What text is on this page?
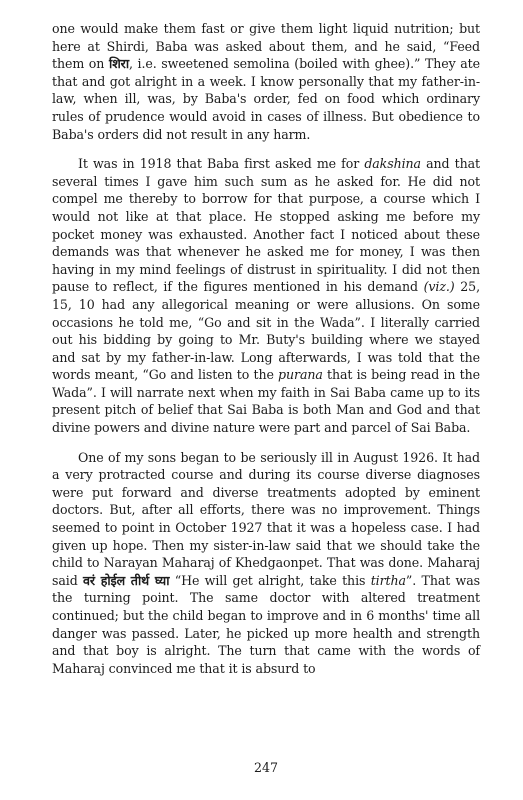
one would make them fast or give them light liquid nutrition; but here at Shirdi, Baba was asked about them, and he said, “Feed them on शिरा, i.e. sweetened semolina (boiled with ghee).” They ate that and got alright in a week. I know personally that my father-in-law, when ill, was, by Baba's order, fed on food which ordinary rules of prudence would avoid in cases of illness. But obedience to Baba's orders did not result in any harm.

It was in 1918 that Baba first asked me for dakshina and that several times I gave him such sum as he asked for. He did not compel me thereby to borrow for that purpose, a course which I would not like at that place. He stopped asking me before my pocket money was exhausted. Another fact I noticed about these demands was that whenever he asked me for money, I was then having in my mind feelings of distrust in spirituality. I did not then pause to reflect, if the figures mentioned in his demand (viz.) 25, 15, 10 had any allegorical meaning or were allusions. On some occasions he told me, “Go and sit in the Wada”. I literally carried out his bidding by going to Mr. Buty's building where we stayed and sat by my father-in-law. Long afterwards, I was told that the words meant, “Go and listen to the purana that is being read in the Wada”. I will narrate next when my faith in Sai Baba came up to its present pitch of belief that Sai Baba is both Man and God and that divine powers and divine nature were part and parcel of Sai Baba.

One of my sons began to be seriously ill in August 1926. It had a very protracted course and during its course diverse diagnoses were put forward and diverse treatments adopted by eminent doctors. But, after all efforts, there was no improvement. Things seemed to point in October 1927 that it was a hopeless case. I had given up hope. Then my sister-in-law said that we should take the child to Narayan Maharaj of Khedgaonpet. That was done. Maharaj said वरं होईल तीर्थ घ्या “He will get alright, take this tirtha”. That was the turning point. The same doctor with altered treatment continued; but the child began to improve and in 6 months' time all danger was passed. Later, he picked up more health and strength and that boy is alright. The turn that came with the words of Maharaj convinced me that it is absurd to

247
